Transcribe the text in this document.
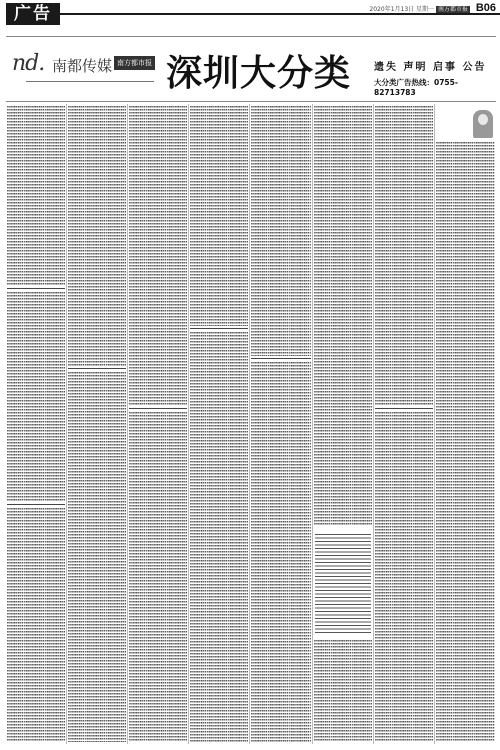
广告	2020年1月13日 星期一 南方都市报 B06
nd. 南都传媒 南方都市报 深圳大分类 遗失 声明 启事 公告
大分类广告热线：0755-82713783
